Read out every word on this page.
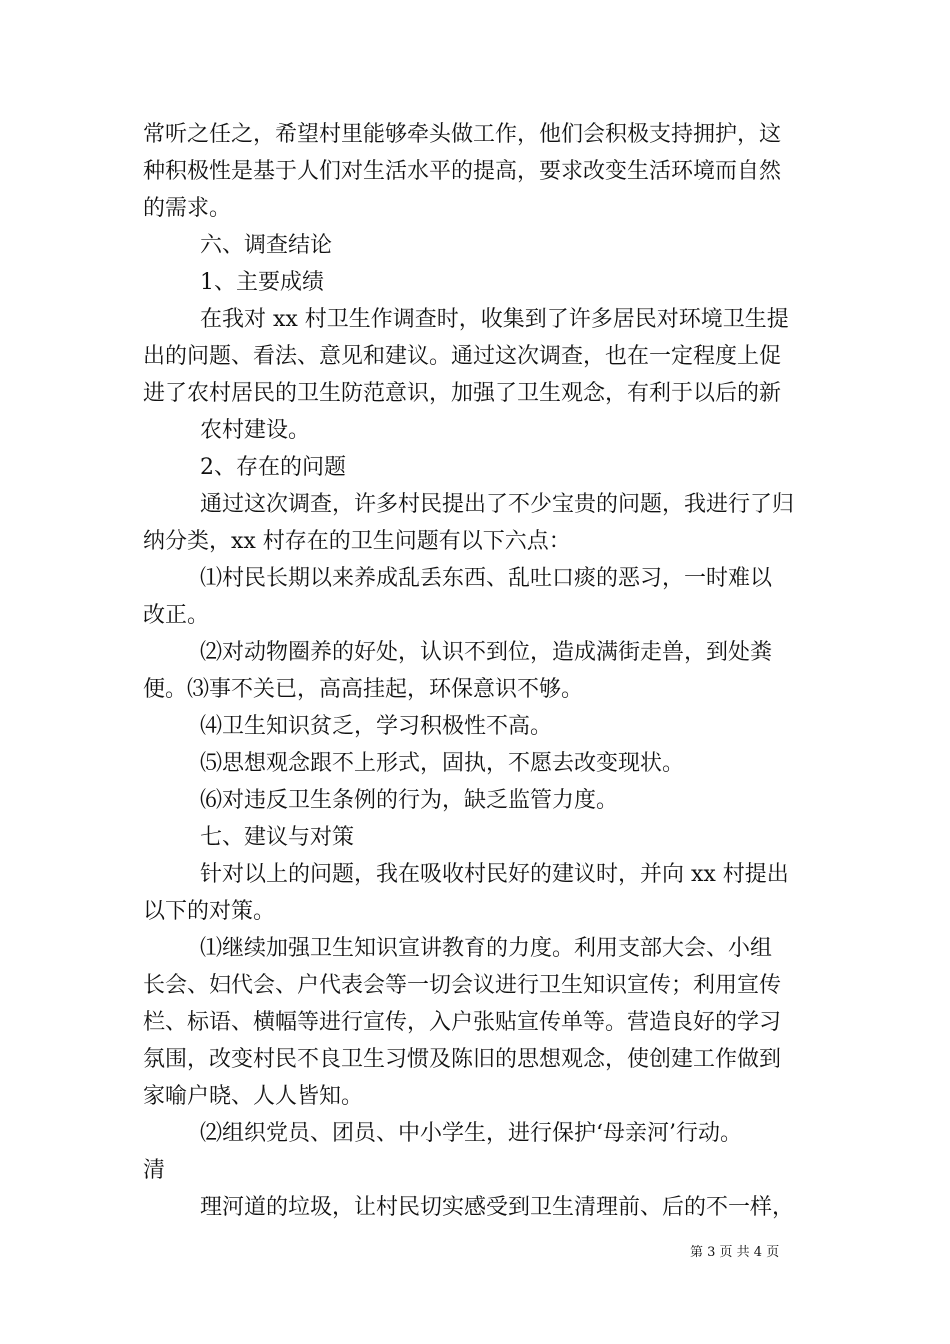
常听之任之，希望村里能够牵头做工作，他们会积极支持拥护，这
种积极性是基于人们对生活水平的提高，要求改变生活环境而自然
的需求。
六、调查结论
1、主要成绩
在我对 xx 村卫生作调查时，收集到了许多居民对环境卫生提
出的问题、看法、意见和建议。通过这次调查，也在一定程度上促
进了农村居民的卫生防范意识，加强了卫生观念，有利于以后的新
农村建设。
2、存在的问题
通过这次调查，许多村民提出了不少宝贵的问题，我进行了归
纳分类，xx 村存在的卫生问题有以下六点：
⑴村民长期以来养成乱丢东西、乱吐口痰的恶习，一时难以
改正。
⑵对动物圈养的好处，认识不到位，造成满街走兽，到处粪
便。⑶事不关已，高高挂起，环保意识不够。
⑷卫生知识贫乏，学习积极性不高。
⑸思想观念跟不上形式，固执，不愿去改变现状。
⑹对违反卫生条例的行为，缺乏监管力度。
七、建议与对策
针对以上的问题，我在吸收村民好的建议时，并向 xx 村提出
以下的对策。
⑴继续加强卫生知识宣讲教育的力度。利用支部大会、小组
长会、妇代会、户代表会等一切会议进行卫生知识宣传；利用宣传
栏、标语、横幅等进行宣传，入户张贴宣传单等。营造良好的学习
氛围，改变村民不良卫生习惯及陈旧的思想观念，使创建工作做到
家喻户晓、人人皆知。
⑵组织党员、团员、中小学生，进行保护‘母亲河’行动。
清
理河道的垃圾，让村民切实感受到卫生清理前、后的不一样，
第 3 页 共 4 页
